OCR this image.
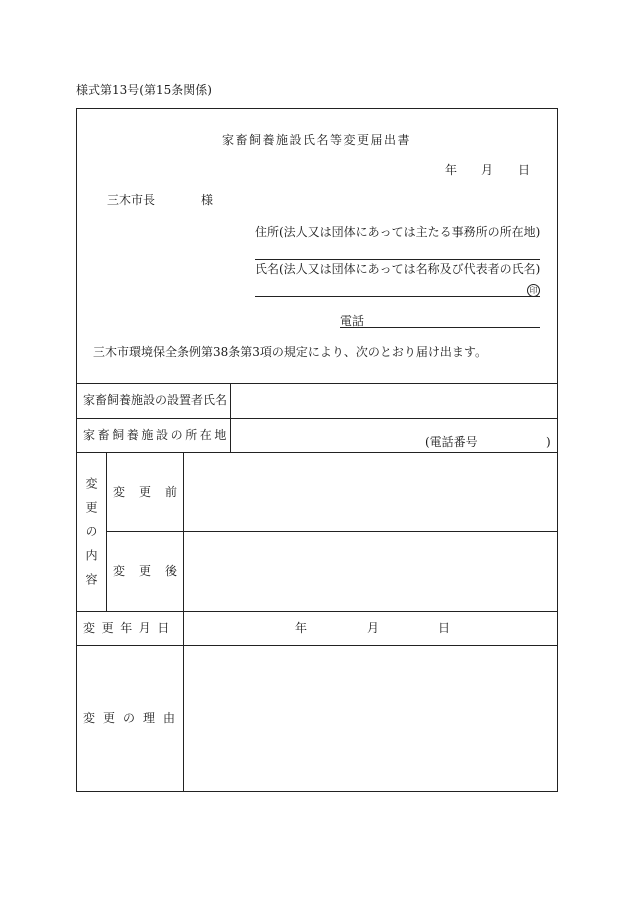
様式第13号(第15条関係)
家畜飼養施設氏名等変更届出書
年 月 日
三木市長	様
住所(法人又は団体にあっては主たる事務所の所在地)
氏名(法人又は団体にあっては名称及び代表者の氏名)
印
電話
三木市環境保全条例第38条第3項の規定により、次のとおり届け出ます。
家畜飼養施設の設置者氏名
家畜飼養施設の所在地	(電話番号	)
変更の内容 変更前
変更後
変更年月日	年	月	日
変更の理由
